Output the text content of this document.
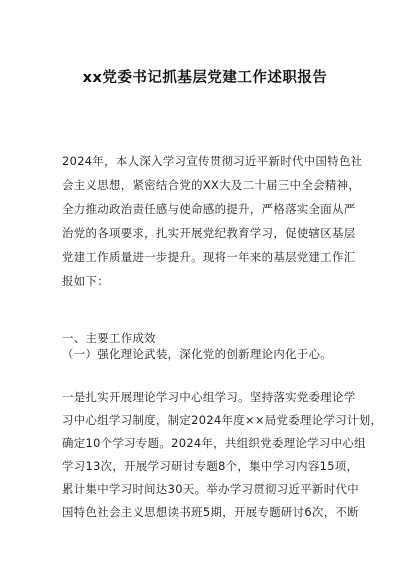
xx党委书记抓基层党建工作述职报告
2024年，本人深入学习宣传贯彻习近平新时代中国特色社
会主义思想，紧密结合党的XX大及二十届三中全会精神，
全力推动政治责任感与使命感的提升，严格落实全面从严
治党的各项要求，扎实开展党纪教育学习，促使辖区基层
党建工作质量进一步提升。现将一年来的基层党建工作汇
报如下：
一、主要工作成效
（一）强化理论武装，深化党的创新理论内化于心。
一是扎实开展理论学习中心组学习。坚持落实党委理论学
习中心组学习制度，制定2024年度××局党委理论学习计划，
确定10个学习专题。2024年，共组织党委理论学习中心组
学习13次，开展学习研讨专题8个，集中学习内容15项，
累计集中学习时间达30天。举办学习贯彻习近平新时代中
国特色社会主义思想读书班5期，开展专题研讨6次，不断
